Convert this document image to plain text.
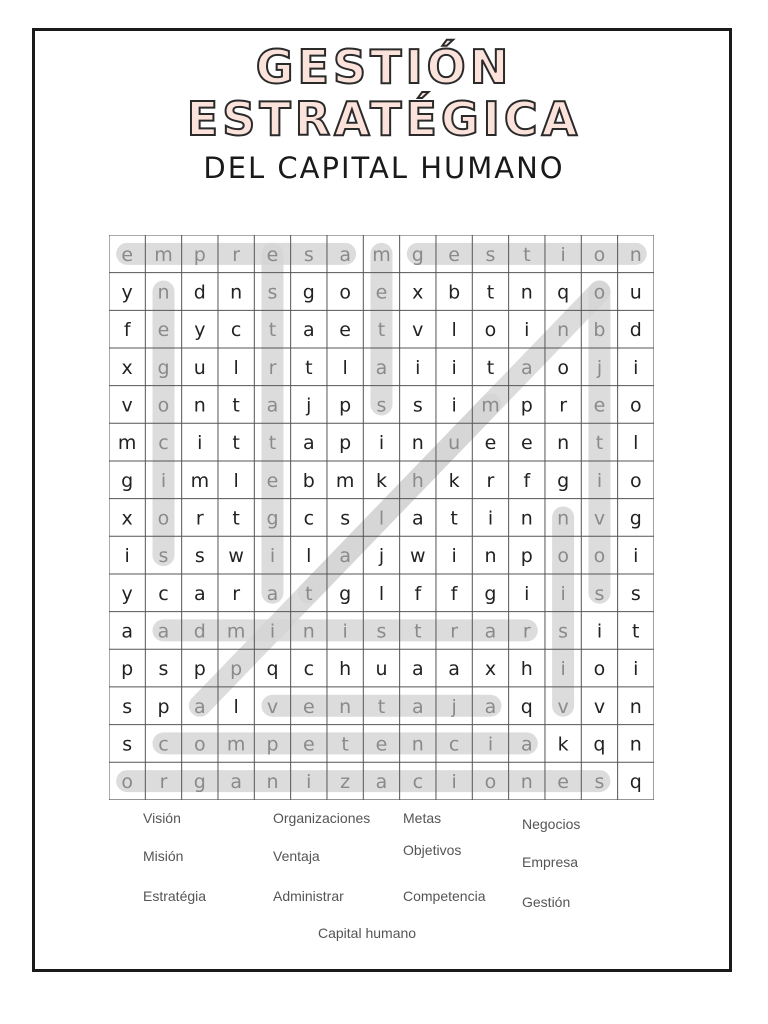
GESTIÓN
ESTRATÉGICA
DEL CAPITAL HUMANO
e m p r e s a m g e s t i o n
y n d n s g o e x b t n q o u
f e y c t a e t v l o i n b d
x g u l r t l a i i t a o j i
v o n t a j p s s i m p r e o
m c i t t a p i n u e e n t l
g i m l e b m k h k r f g i o
x o r t g c s l a t i n n v g
i s s w i l a j w i n p o o i
y c a r a t g l f f g i i s s
a a d m i n i s t r a r s i t
p s p p q c h u a a x h i o i
s p a l v e n t a j a q v v n
s c o m p e t e n c i a k q n
o r g a n i z a c i o n e s q
Visión
Misión
Estratégia
Organizaciones
Ventaja
Administrar
Metas
Objetivos
Competencia
Negocios
Empresa
Gestión
Capital humano
